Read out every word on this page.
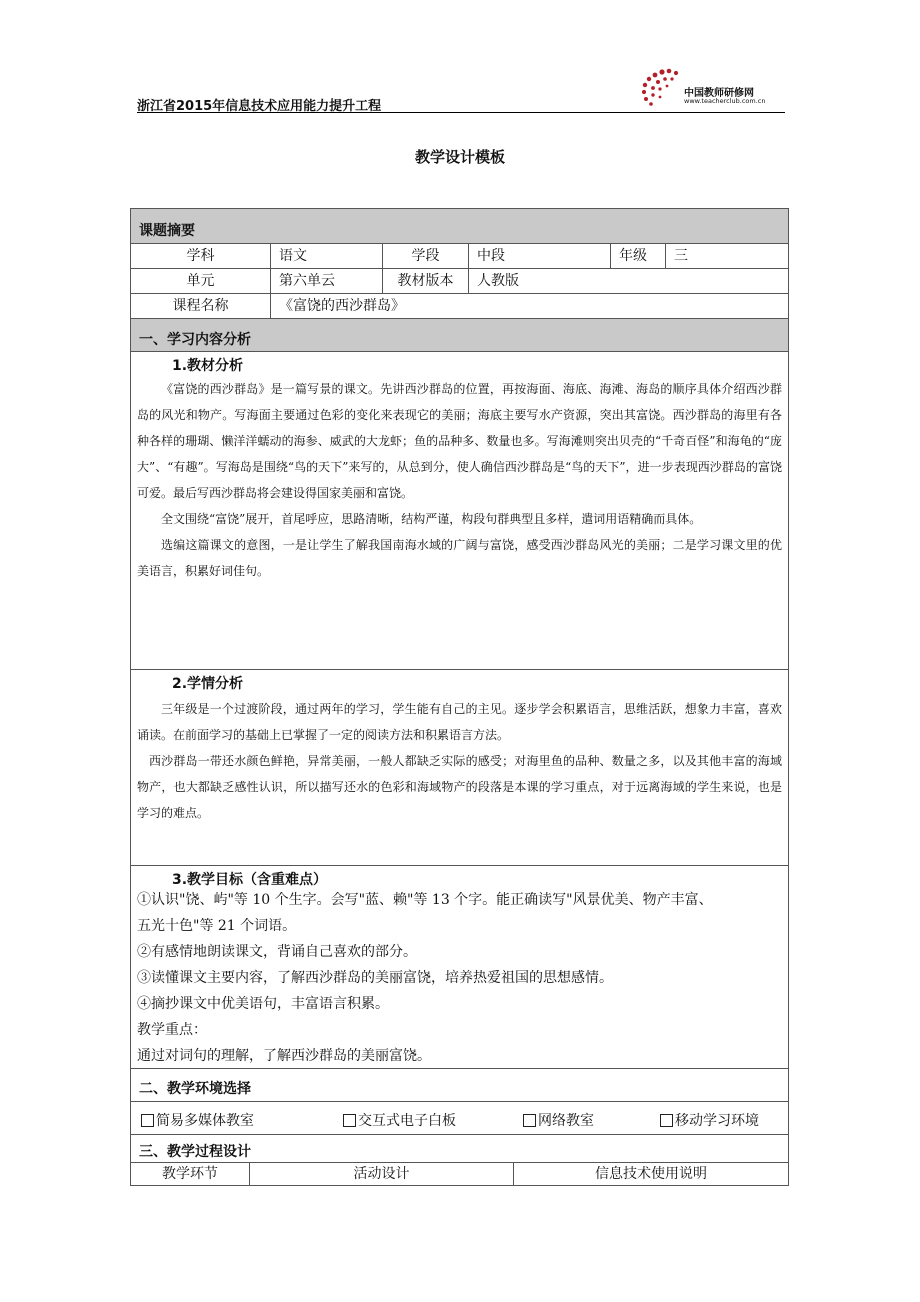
浙江省2015年信息技术应用能力提升工程
中国教师研修网
www.teacherclub.com.cn
教学设计模板
课题摘要
学科	语文	学段	中段	年级	三
单元	第六单云	教材版本	人教版
课程名称	《富饶的西沙群岛》
一、学习内容分析
1.教材分析

《富饶的西沙群岛》是一篇写景的课文。先讲西沙群岛的位置，再按海面、海底、海滩、海岛的顺序具体介绍西沙群岛的风光和物产。写海面主要通过色彩的变化来表现它的美丽；海底主要写水产资源，突出其富饶。西沙群岛的海里有各种各样的珊瑚、懒洋洋蠕动的海参、威武的大龙虾；鱼的品种多、数量也多。写海滩则突出贝壳的“千奇百怪”和海龟的“庞大”、“有趣”。写海岛是围绕“鸟的天下”来写的，从总到分，使人确信西沙群岛是“鸟的天下”，进一步表现西沙群岛的富饶可爱。最后写西沙群岛将会建设得国家美丽和富饶。

全文围绕“富饶”展开，首尾呼应，思路清晰，结构严谨，构段句群典型且多样，遣词用语精确而具体。

选编这篇课文的意图，一是让学生了解我国南海水域的广阔与富饶，感受西沙群岛风光的美丽；二是学习课文里的优美语言，积累好词佳句。

2.学情分析

三年级是一个过渡阶段，通过两年的学习，学生能有自己的主见。逐步学会积累语言，思维活跃，想象力丰富，喜欢诵读。在前面学习的基础上已掌握了一定的阅读方法和积累语言方法。

西沙群岛一带还水颜色鲜艳，异常美丽，一般人都缺乏实际的感受；对海里鱼的品种、数量之多，以及其他丰富的海域物产，也大都缺乏感性认识，所以描写还水的色彩和海域物产的段落是本课的学习重点，对于远离海域的学生来说，也是学习的难点。

3.教学目标（含重难点）

①认识"饶、屿"等 10 个生字。会写"蓝、赖"等 13 个字。能正确读写"风景优美、物产丰富、

五光十色"等 21 个词语。

②有感情地朗读课文，背诵自己喜欢的部分。

③读懂课文主要内容，了解西沙群岛的美丽富饶，培养热爱祖国的思想感情。

④摘抄课文中优美语句，丰富语言积累。

教学重点：

通过对词句的理解，了解西沙群岛的美丽富饶。

二、教学环境选择
简易多媒体教室	交互式电子白板	网络教室	移动学习环境
三、教学过程设计
教学环节	活动设计	信息技术使用说明
